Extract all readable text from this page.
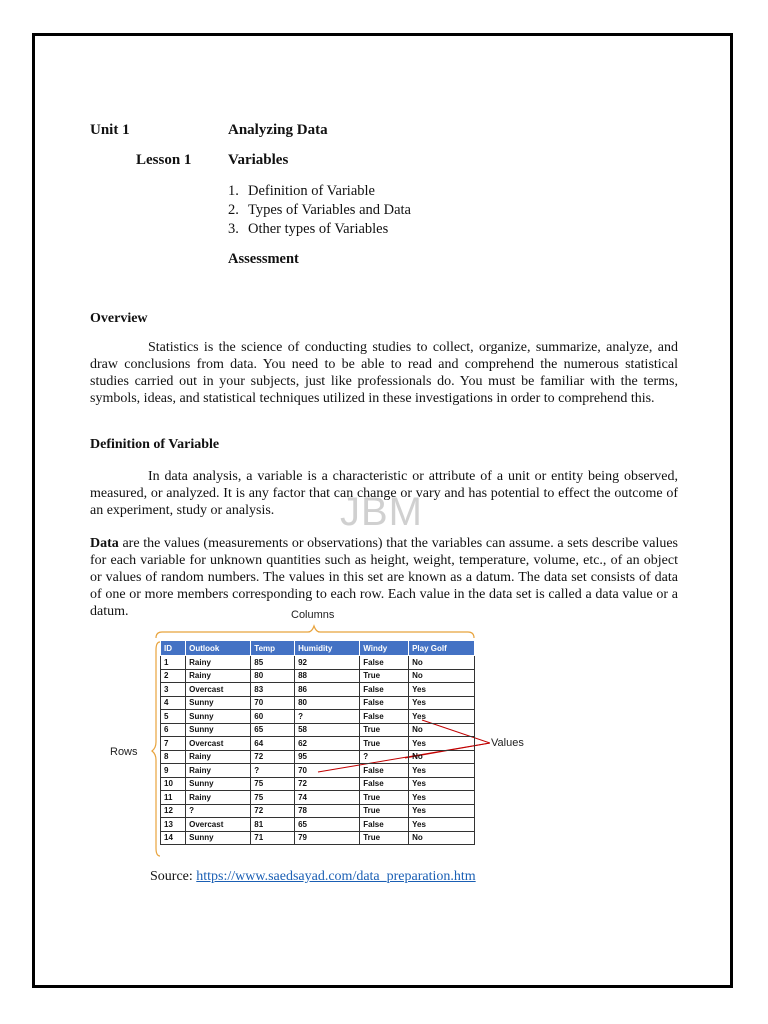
Unit 1	Analyzing Data
Lesson 1 Variables
1. Definition of Variable
2. Types of Variables and Data
3. Other types of Variables
Assessment
Overview

Statistics is the science of conducting studies to collect, organize, summarize, analyze, and draw conclusions from data. You need to be able to read and comprehend the numerous statistical studies carried out in your subjects, just like professionals do. You must be familiar with the terms, symbols, ideas, and statistical techniques utilized in these investigations in order to comprehend this.

Definition of Variable

In data analysis, a variable is a characteristic or attribute of a unit or entity being observed, measured, or analyzed. It is any factor that can change or vary and has potential to effect the outcome of an experiment, study or analysis.	JBM

Data are the values (measurements or observations) that the variables can assume. a sets describe values for each variable for unknown quantities such as height, weight, temperature, volume, etc., of an object or values of random numbers. The values in this set are known as a datum. The data set consists of data of one or more members corresponding to each row. Each value in the data set is called a data value or a datum.	Columns
Rows
Values
ID	Outlook	Temp	Humidity	Windy	Play Golf
1	Rainy	85	92	False	No
2	Rainy	80	88	True	No
3	Overcast	83	86	False	Yes
4	Sunny	70	80	False	Yes
5	Sunny	60	?	False	Yes
6	Sunny	65	58	True	No
7	Overcast	64	62	True	Yes
8	Rainy	72	95	?	No
9	Rainy	?	70	False	Yes
10	Sunny	75	72	False	Yes
11	Rainy	75	74	True	Yes
12	?	72	78	True	Yes
13	Overcast	81	65	False	Yes
14	Sunny	71	79	True	No
Source: https://www.saedsayad.com/data_preparation.htm
